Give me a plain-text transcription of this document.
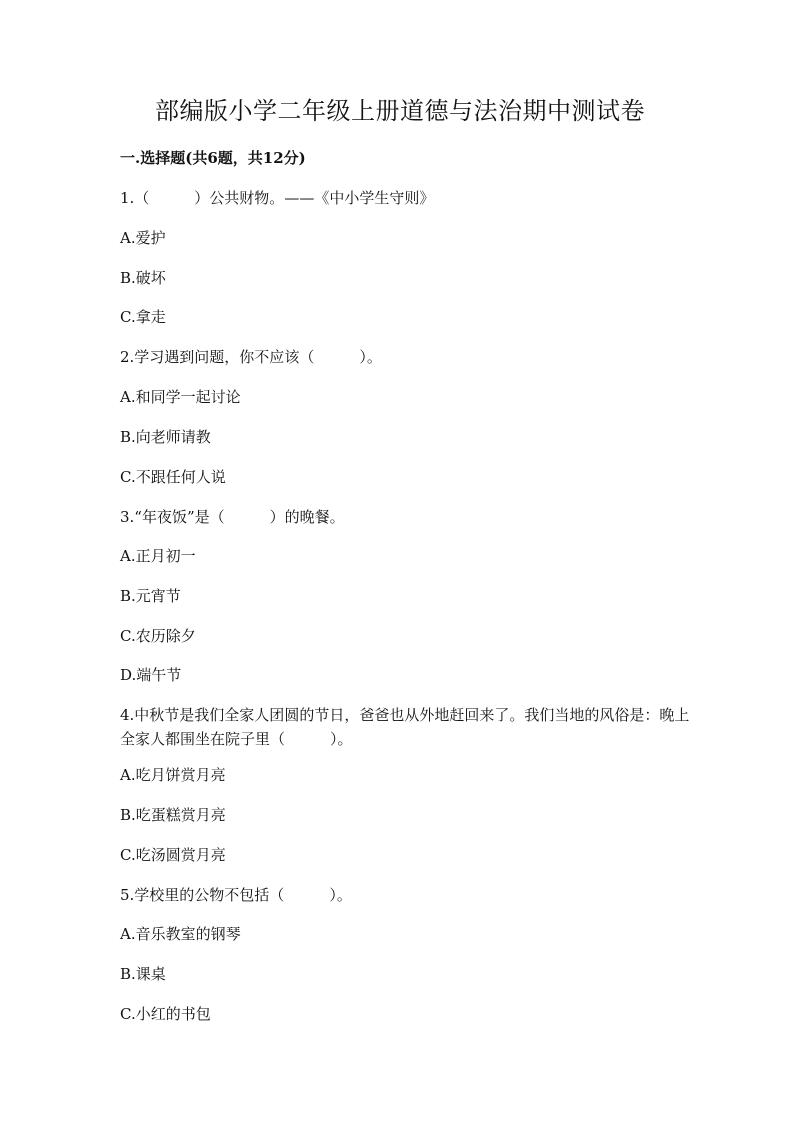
部编版小学二年级上册道德与法治期中测试卷
一.选择题(共6题，共12分)
1.（　　　）公共财物。——《中小学生守则》
A.爱护
B.破坏
C.拿走
2.学习遇到问题，你不应该（　　　）。
A.和同学一起讨论
B.向老师请教
C.不跟任何人说
3.“年夜饭”是（　　　）的晚餐。
A.正月初一
B.元宵节
C.农历除夕
D.端午节
4.中秋节是我们全家人团圆的节日，爸爸也从外地赶回来了。我们当地的风俗是：晚上全家人都围坐在院子里（　　　）。
A.吃月饼赏月亮
B.吃蛋糕赏月亮
C.吃汤圆赏月亮
5.学校里的公物不包括（　　　）。
A.音乐教室的钢琴
B.课桌
C.小红的书包
